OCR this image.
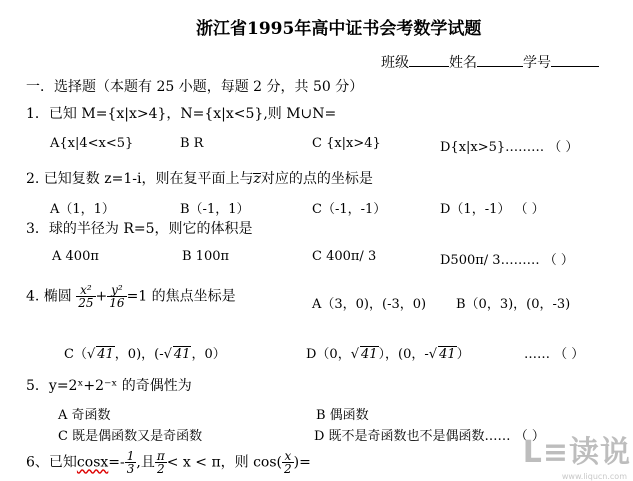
浙江省1995年高中证书会考数学试题
班级	姓名	学号
一．选择题（本题有 25 小题，每题 2 分，共 50 分）
1．已知 M={x|x>4}，N={x|x<5},则 M∪N=
A{x|4<x<5}	B R	C {x|x>4}	D{x|x>5}……… （ ）
2. 已知复数 z=1-i，则在复平面上与z对应的点的坐标是
A（1，1）	B（-1，1）	C（-1，-1）	D（1，-1） （ ）
3．球的半径为 R=5，则它的体积是
A 400π	B 100π	C 400π/ 3	D500π/ 3……… （ ）
4. 椭圆 $\frac{\text{x²}}{25} + \frac{\text{y²}}{16} =1$ 的焦点坐标是	A（3，0)，(-3，0) B（0，3)，(0，-3)
C（√ 41，0)，(-√ 41，0）	D（0，√ 41），(0，-√ 41）	…… （ ）
5．y=2ˣ+2⁻ˣ 的奇偶性为
A 奇函数	B 偶函数
C 既是偶函数又是奇函数	D 既不是奇函数也不是偶函数…… （ ）
6、已知$\cos x=- \frac{1}{3}$ ,且 $\frac{\pi}{2} < x < \pi$，则 $\cos( \frac{x}{2}$ )=	L≡读说
www.liqucn.com
